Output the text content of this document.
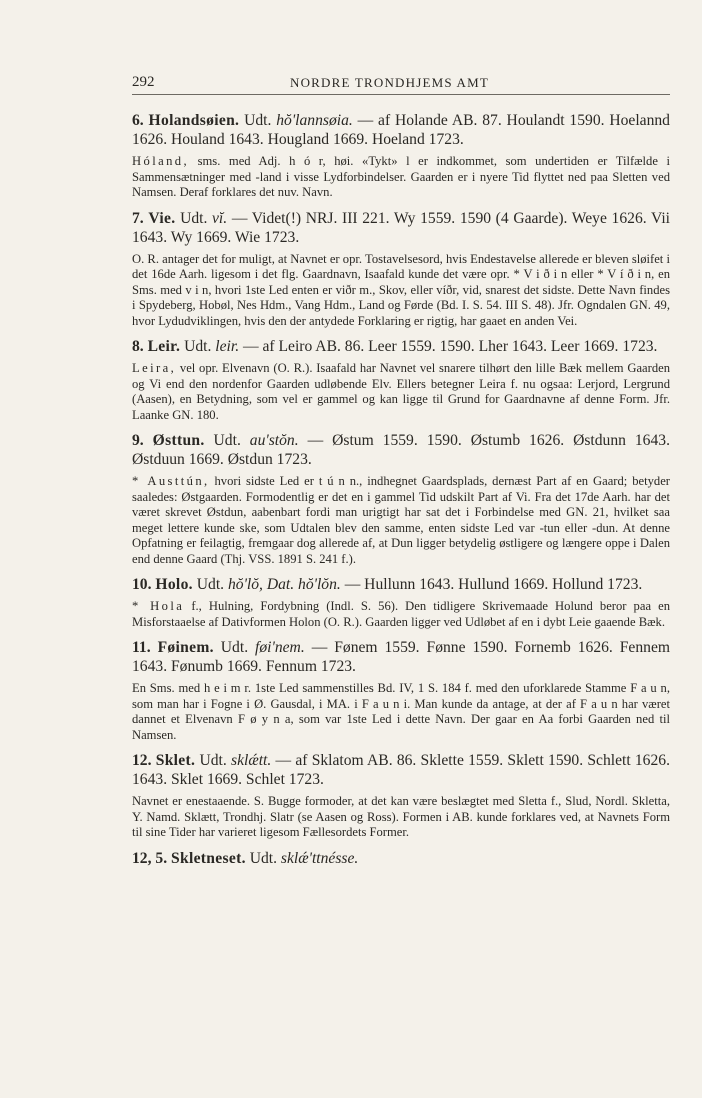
292	NORDRE TRONDHJEMS AMT

6. Holandsøien. Udt. hŏ'lannsøia. — af Holande AB. 87. Houlandt 1590. Hoelannd 1626. Houland 1643. Hougland 1669. Hoeland 1723.

Hóland, sms. med Adj. h ó r, høi. «Tykt» l er indkommet, som undertiden er Tilfælde i Sammensætninger med -land i visse Lydforbindelser. Gaarden er i nyere Tid flyttet ned paa Sletten ved Namsen. Deraf forklares det nuv. Navn.

7. Vie. Udt. vĭ. — Videt(!) NRJ. III 221. Wy 1559. 1590 (4 Gaarde). Weye 1626. Vii 1643. Wy 1669. Wie 1723.

O. R. antager det for muligt, at Navnet er opr. Tostavelsesord, hvis Endestavelse allerede er bleven sløifet i det 16de Aarh. ligesom i det flg. Gaardnavn, Isaafald kunde det være opr. * V i ð i n eller * V í ð i n, en Sms. med v i n, hvori 1ste Led enten er viðr m., Skov, eller víðr, vid, snarest det sidste. Dette Navn findes i Spydeberg, Hobøl, Nes Hdm., Vang Hdm., Land og Førde (Bd. I. S. 54. III S. 48). Jfr. Ogndalen GN. 49, hvor Lydudviklingen, hvis den der antydede Forklaring er rigtig, har gaaet en anden Vei.

8. Leir. Udt. leir. — af Leiro AB. 86. Leer 1559. 1590. Lher 1643. Leer 1669. 1723.

Leira, vel opr. Elvenavn (O. R.). Isaafald har Navnet vel snarere tilhørt den lille Bæk mellem Gaarden og Vi end den nordenfor Gaarden udløbende Elv. Ellers betegner Leira f. nu ogsaa: Lerjord, Lergrund (Aasen), en Betydning, som vel er gammel og kan ligge til Grund for Gaardnavne af denne Form. Jfr. Laanke GN. 180.

9. Østtun. Udt. au'stŏn. — Østum 1559. 1590. Østumb 1626. Østdunn 1643. Østduun 1669. Østdun 1723.

* Austtún, hvori sidste Led er t ú n n., indhegnet Gaardsplads, dernæst Part af en Gaard; betyder saaledes: Østgaarden. Formodentlig er det en i gammel Tid udskilt Part af Vi. Fra det 17de Aarh. har det været skrevet Østdun, aabenbart fordi man urigtigt har sat det i Forbindelse med GN. 21, hvilket saa meget lettere kunde ske, som Udtalen blev den samme, enten sidste Led var -tun eller -dun. At denne Opfatning er feilagtig, fremgaar dog allerede af, at Dun ligger betydelig østligere og længere oppe i Dalen end denne Gaard (Thj. VSS. 1891 S. 241 f.).

10. Holo. Udt. hŏ'lŏ, Dat. hŏ'lŏn. — Hullunn 1643. Hullund 1669. Hollund 1723.

* Hola f., Hulning, Fordybning (Indl. S. 56). Den tidligere Skrivemaade Holund beror paa en Misforstaaelse af Dativformen Holon (O. R.). Gaarden ligger ved Udløbet af en i dybt Leie gaaende Bæk.

11. Føinem. Udt. føi'nem. — Fønem 1559. Fønne 1590. Fornemb 1626. Fennem 1643. Fønumb 1669. Fennum 1723.

En Sms. med h e i m r. 1ste Led sammenstilles Bd. IV, 1 S. 184 f. med den uforklarede Stamme F a u n, som man har i Fogne i Ø. Gausdal, i MA. i F a u n i. Man kunde da antage, at der af F a u n har været dannet et Elvenavn F ø y n a, som var 1ste Led i dette Navn. Der gaar en Aa forbi Gaarden ned til Namsen.

12. Sklet. Udt. sklǽtt. — af Sklatom AB. 86. Sklette 1559. Sklett 1590. Schlett 1626. 1643. Sklet 1669. Schlet 1723.

Navnet er enestaaende. S. Bugge formoder, at det kan være beslægtet med Sletta f., Slud, Nordl. Skletta, Y. Namd. Sklætt, Trondhj. Slatr (se Aasen og Ross). Formen i AB. kunde forklares ved, at Navnets Form til sine Tider har varieret ligesom Fællesordets Former.

12, 5. Skletneset. Udt. sklǽ'ttnésse.
